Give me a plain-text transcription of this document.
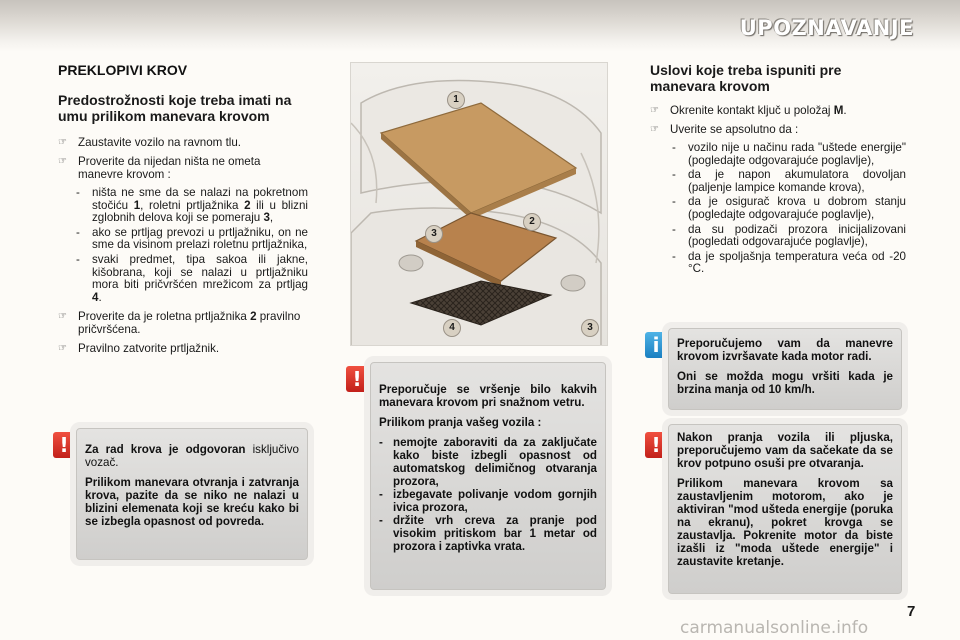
UPOZNAVANJE
PREKLOPIVI KROV
Predostrožnosti koje treba imati na umu prilikom manevara krovom
☞ Zaustavite vozilo na ravnom tlu.
☞ Proverite da nijedan ništa ne ometa manevre krovom :
- ništa ne sme da se nalazi na pokretnom stočiću 1, roletni prtljažnika 2 ili u blizni zglobnih delova koji se pomeraju 3,
- ako se prtljag prevozi u prtljažniku, on ne sme da visinom prelazi roletnu prtljažnika,
- svaki predmet, tipa sakoa ili jakne, kišobrana, koji se nalazi u prtljažniku mora biti pričvršćen mrežicom za prtljag 4.
☞ Proverite da je roletna prtljažnika 2 pravilno pričvršćena.
☞ Pravilno zatvorite prtljažnik.
1
2
3
3
4
Uslovi koje treba ispuniti pre manevara krovom
☞ Okrenite kontakt ključ u položaj M.
☞ Uverite se apsolutno da :
- vozilo nije u načinu rada "uštede energije" (pogledajte odgovarajuće poglavlje),
- da je napon akumulatora dovoljan (paljenje lampice komande krova),
- da je osigurač krova u dobrom stanju (pogledajte odgovarajuće poglavlje),
- da su podizači prozora inicijalizovani (pogledati odgovarajuće poglavlje),
- da je spoljašnja temperatura veća od -20 °C.
!	Za rad krova je odgovoran isključivo vozač.

Prilikom manevara otvranja i zatvranja krova, pazite da se niko ne nalazi u blizini elemenata koji se kreću kako bi se izbegla opasnost od povreda.

!	Preporučuje se vršenje bilo kakvih manevara krovom pri snažnom vetru.

Prilikom pranja vašeg vozila :

- nemojte zaboraviti da za zaključate kako biste izbegli opasnost od automatskog delimičnog otvaranja prozora,
- izbegavate polivanje vodom gornjih ivica prozora,
- držite vrh creva za pranje pod visokim pritiskom bar 1 metar od prozora i zaptivka vrata.
i	Preporučujemo vam da manevre krovom izvršavate kada motor radi.

Oni se možda mogu vršiti kada je brzina manja od 10 km/h.

!	Nakon pranja vozila ili pljuska, preporučujemo vam da sačekate da se krov potpuno osuši pre otvaranja.

Prilikom manevara krovom sa zaustavljenim motorom, ako je aktiviran "mod ušteda energije (poruka na ekranu), pokret krovga se zaustavlja. Pokrenite motor da biste izašli iz "moda uštede energije" i zaustavite kretanje.

7
carmanualsonline.info
